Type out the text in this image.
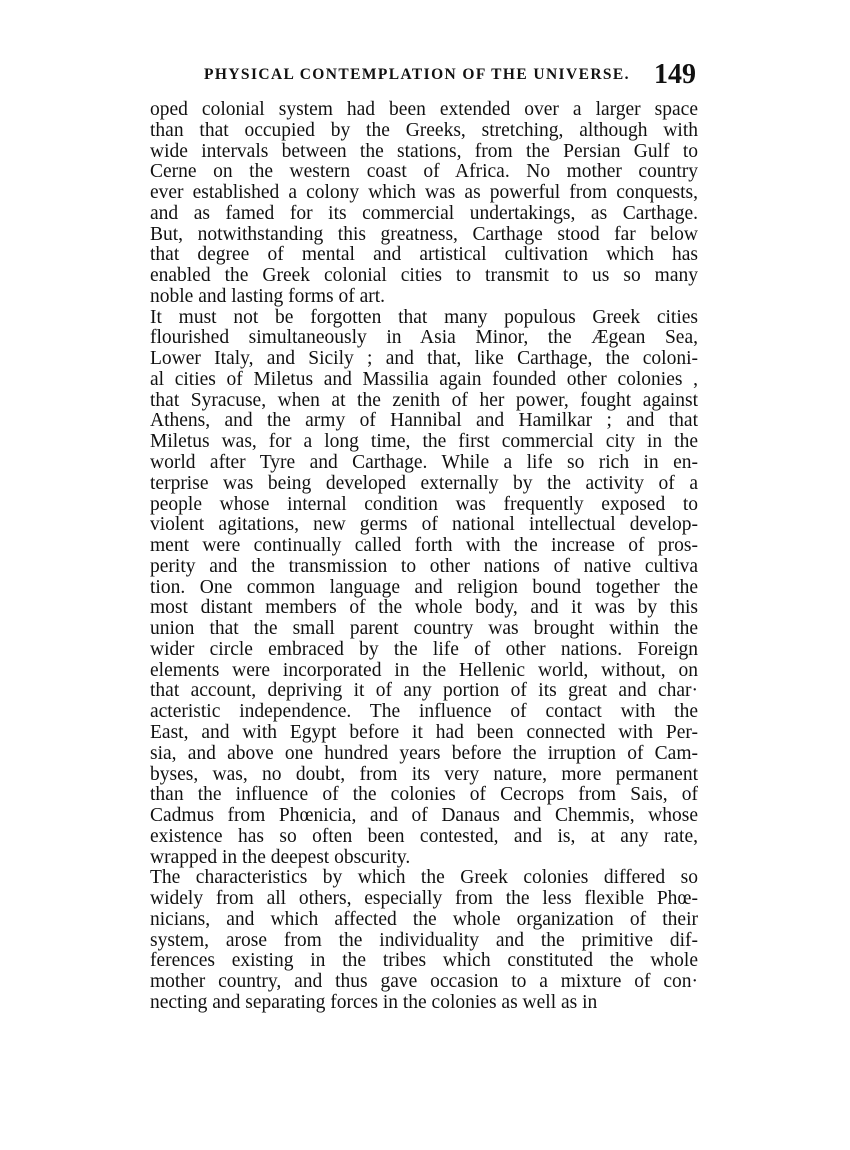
PHYSICAL CONTEMPLATION OF THE UNIVERSE. 149
oped colonial system had been extended over a larger space
than that occupied by the Greeks, stretching, although with
wide intervals between the stations, from the Persian Gulf to
Cerne on the western coast of Africa. No mother country
ever established a colony which was as powerful from conquests,
and as famed for its commercial undertakings, as Carthage.
But, notwithstanding this greatness, Carthage stood far below
that degree of mental and artistical cultivation which has
enabled the Greek colonial cities to transmit to us so many
noble and lasting forms of art.
It must not be forgotten that many populous Greek cities
flourished simultaneously in Asia Minor, the Ægean Sea,
Lower Italy, and Sicily ; and that, like Carthage, the coloni-
al cities of Miletus and Massilia again founded other colonies ,
that Syracuse, when at the zenith of her power, fought against
Athens, and the army of Hannibal and Hamilkar ; and that
Miletus was, for a long time, the first commercial city in the
world after Tyre and Carthage. While a life so rich in en-
terprise was being developed externally by the activity of a
people whose internal condition was frequently exposed to
violent agitations, new germs of national intellectual develop-
ment were continually called forth with the increase of pros-
perity and the transmission to other nations of native cultiva
tion. One common language and religion bound together the
most distant members of the whole body, and it was by this
union that the small parent country was brought within the
wider circle embraced by the life of other nations. Foreign
elements were incorporated in the Hellenic world, without, on
that account, depriving it of any portion of its great and char·
acteristic independence. The influence of contact with the
East, and with Egypt before it had been connected with Per-
sia, and above one hundred years before the irruption of Cam-
byses, was, no doubt, from its very nature, more permanent
than the influence of the colonies of Cecrops from Sais, of
Cadmus from Phœnicia, and of Danaus and Chemmis, whose
existence has so often been contested, and is, at any rate,
wrapped in the deepest obscurity.
The characteristics by which the Greek colonies differed so
widely from all others, especially from the less flexible Phœ-
nicians, and which affected the whole organization of their
system, arose from the individuality and the primitive dif-
ferences existing in the tribes which constituted the whole
mother country, and thus gave occasion to a mixture of con·
necting and separating forces in the colonies as well as in
